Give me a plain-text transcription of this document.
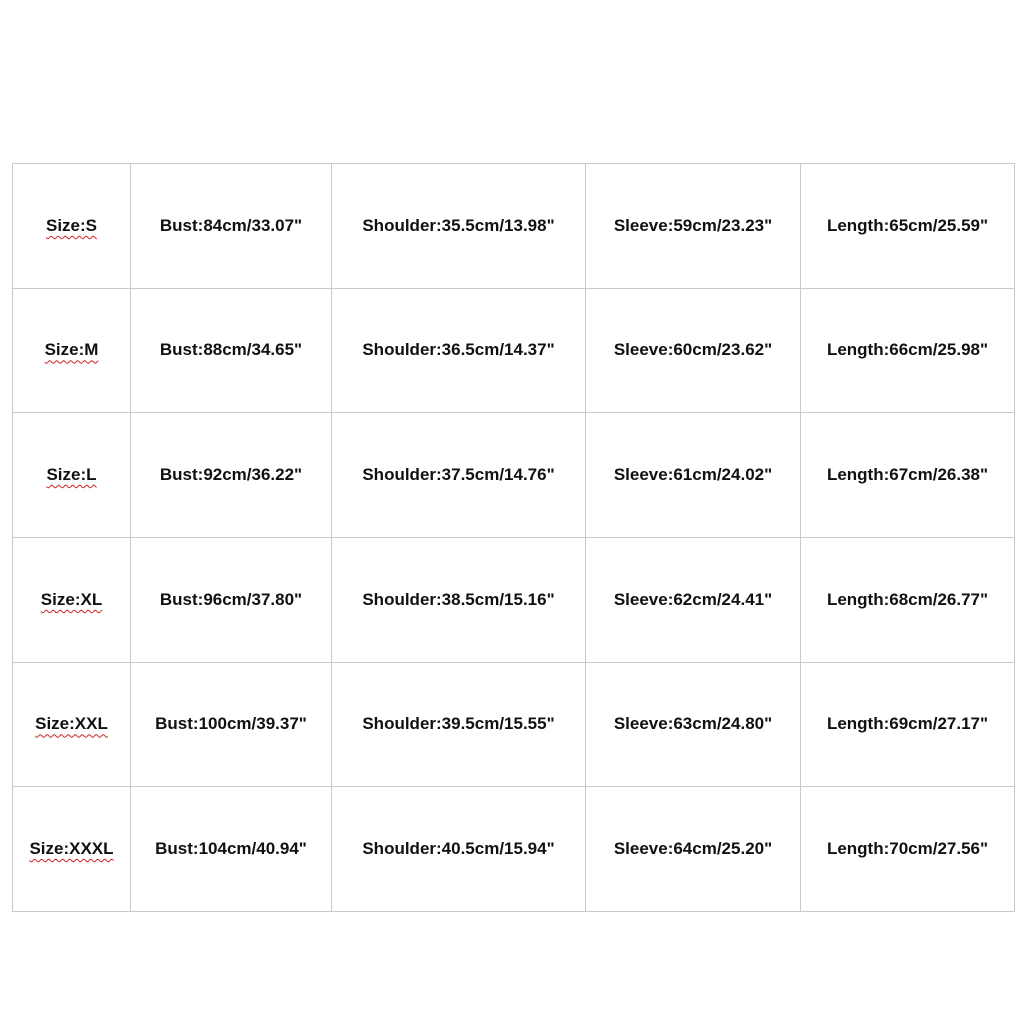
Size:S	Bust:84cm/33.07"	Shoulder:35.5cm/13.98"	Sleeve:59cm/23.23"	Length:65cm/25.59"
Size:M	Bust:88cm/34.65"	Shoulder:36.5cm/14.37"	Sleeve:60cm/23.62"	Length:66cm/25.98"
Size:L	Bust:92cm/36.22"	Shoulder:37.5cm/14.76"	Sleeve:61cm/24.02"	Length:67cm/26.38"
Size:XL	Bust:96cm/37.80"	Shoulder:38.5cm/15.16"	Sleeve:62cm/24.41"	Length:68cm/26.77"
Size:XXL	Bust:100cm/39.37"	Shoulder:39.5cm/15.55"	Sleeve:63cm/24.80"	Length:69cm/27.17"
Size:XXXL	Bust:104cm/40.94"	Shoulder:40.5cm/15.94"	Sleeve:64cm/25.20"	Length:70cm/27.56"
